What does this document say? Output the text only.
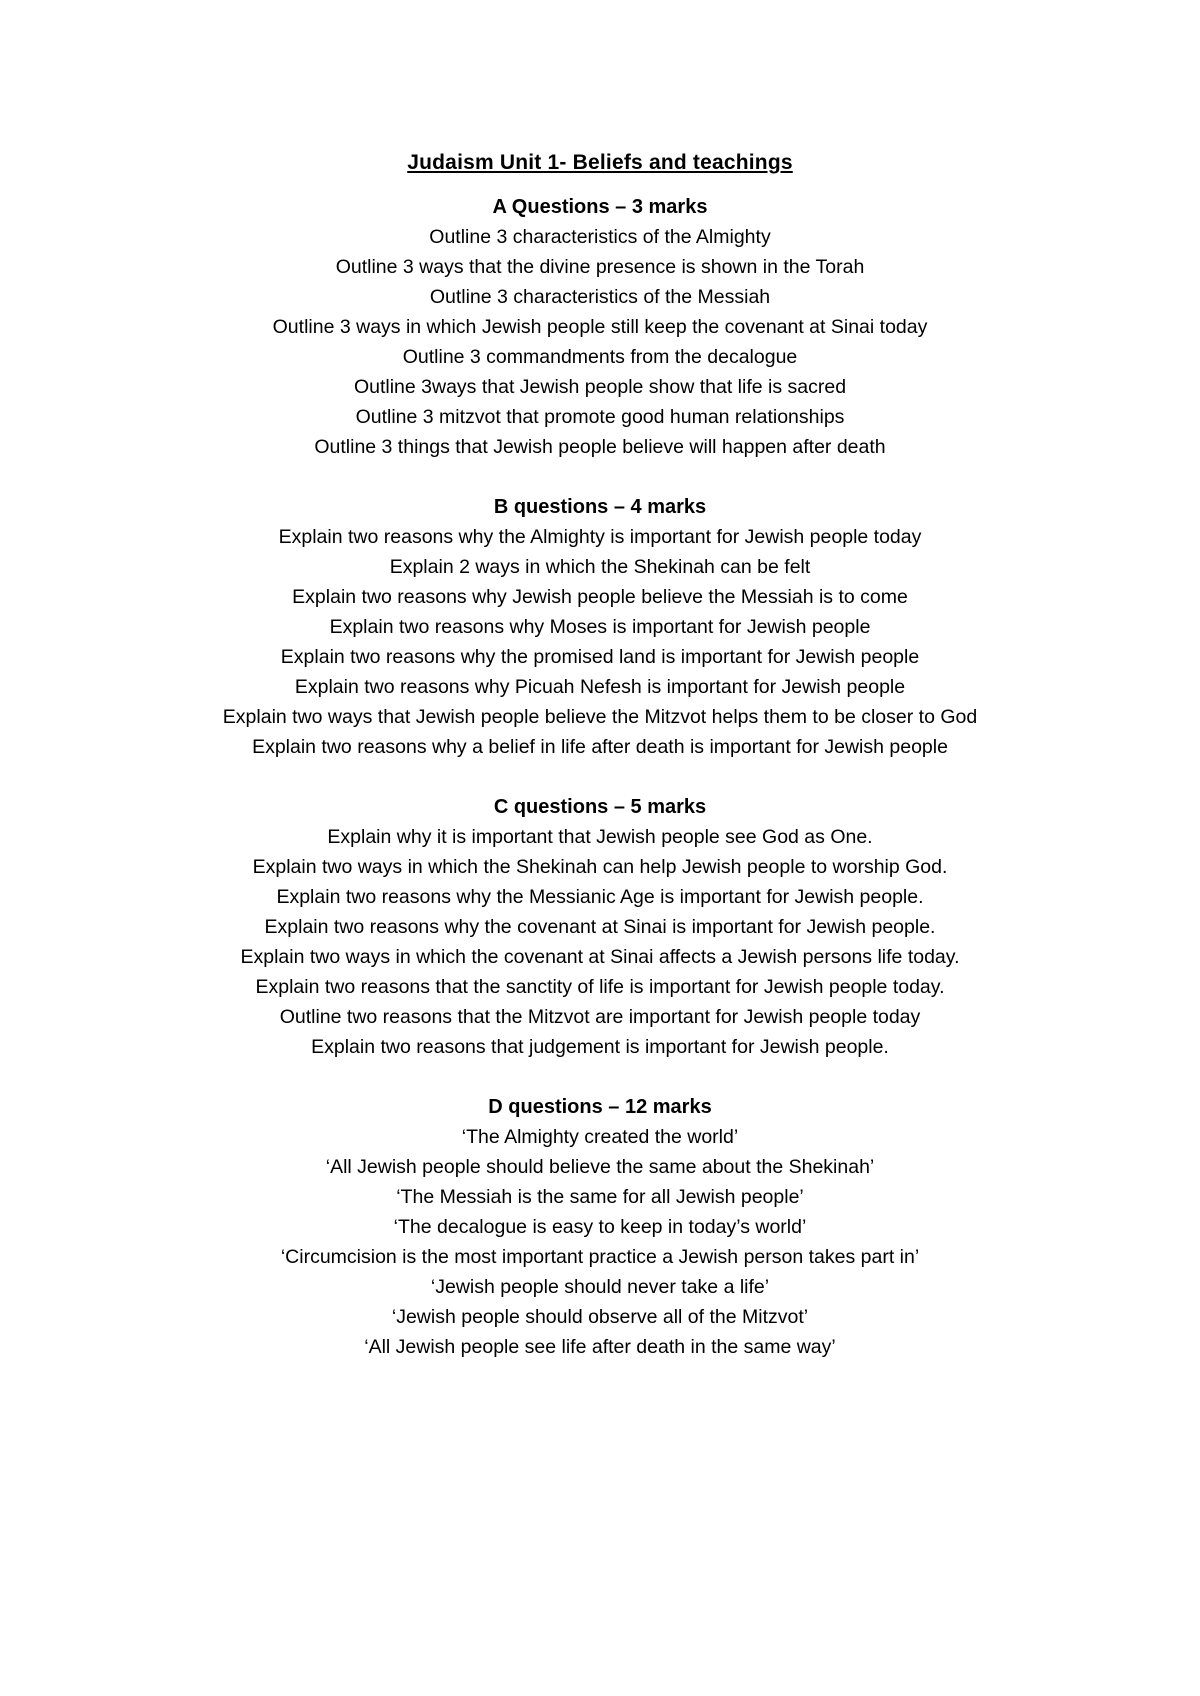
Judaism Unit 1- Beliefs and teachings
A Questions – 3 marks
Outline 3 characteristics of the Almighty
Outline 3 ways that the divine presence is shown in the Torah
Outline 3 characteristics of the Messiah
Outline 3 ways in which Jewish people still keep the covenant at Sinai today
Outline 3 commandments from the decalogue
Outline 3ways that Jewish people show that life is sacred
Outline 3 mitzvot that promote good human relationships
Outline 3 things that Jewish people believe will happen after death
B questions – 4 marks
Explain two reasons why the Almighty is important for Jewish people today
Explain 2 ways in which the Shekinah can be felt
Explain two reasons why Jewish people believe the Messiah is to come
Explain two reasons why Moses is important for Jewish people
Explain two reasons why the promised land is important for Jewish people
Explain two reasons why Picuah Nefesh is important for Jewish people
Explain two ways that Jewish people believe the Mitzvot helps them to be closer to God
Explain two reasons why a belief in life after death is important for Jewish people
C questions – 5 marks
Explain why it is important that Jewish people see God as One.
Explain two ways in which the Shekinah can help Jewish people to worship God.
Explain two reasons why the Messianic Age is important for Jewish people.
Explain two reasons why the covenant at Sinai is important for Jewish people.
Explain two ways in which the covenant at Sinai affects a Jewish persons life today.
Explain two reasons that the sanctity of life is important for Jewish people today.
Outline two reasons that the Mitzvot are important for Jewish people today
Explain two reasons that judgement is important for Jewish people.
D questions – 12 marks
‘The Almighty created the world’
‘All Jewish people should believe the same about the Shekinah’
‘The Messiah is the same for all Jewish people’
‘The decalogue is easy to keep in today’s world’
‘Circumcision is the most important practice a Jewish person takes part in’
‘Jewish people should never take a life’
‘Jewish people should observe all of the Mitzvot’
‘All Jewish people see life after death in the same way’
